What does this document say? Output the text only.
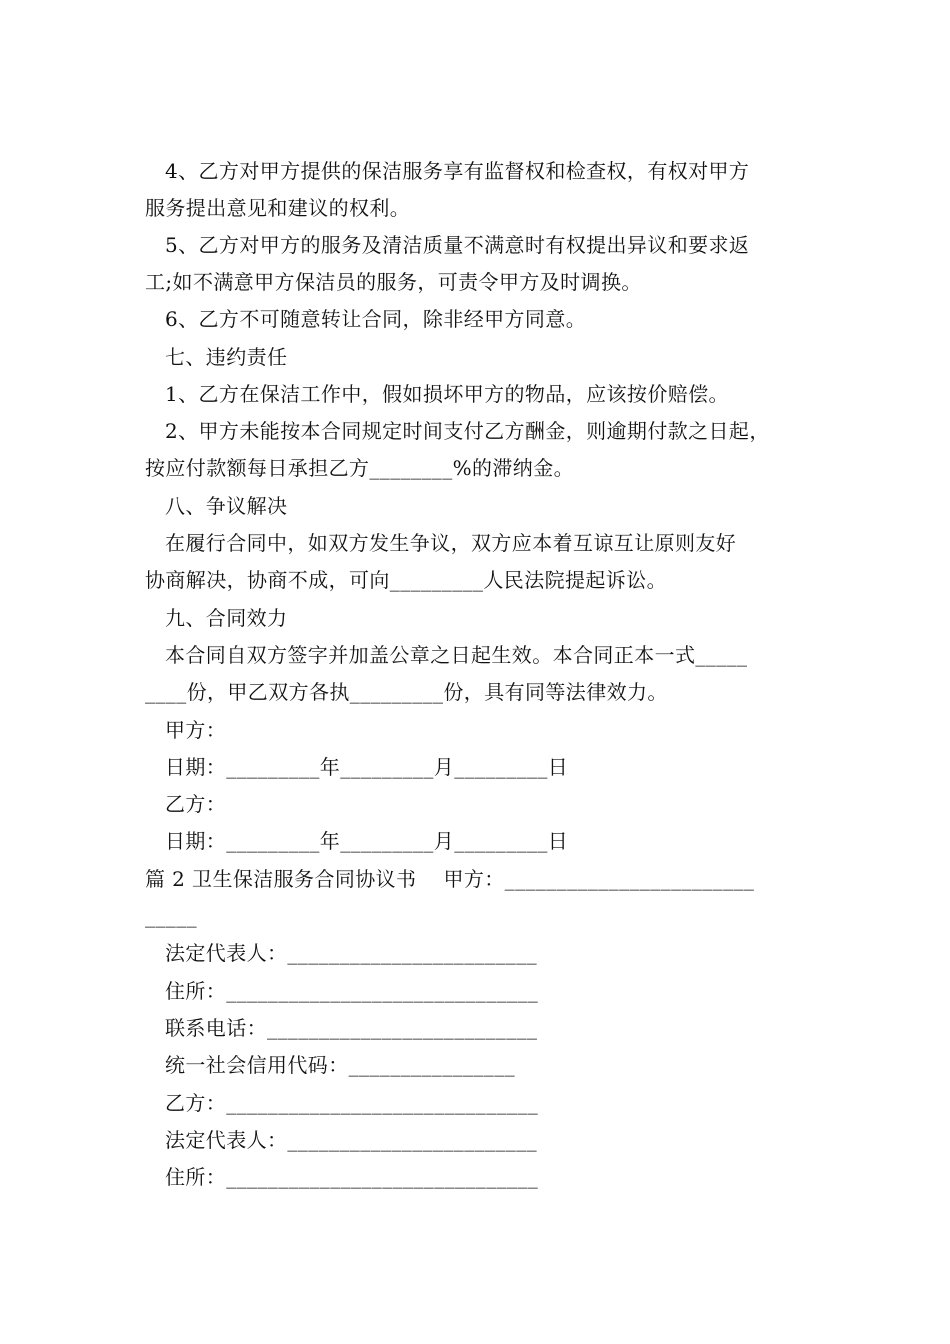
4、乙方对甲方提供的保洁服务享有监督权和检查权，有权对甲方
服务提出意见和建议的权利。
5、乙方对甲方的服务及清洁质量不满意时有权提出异议和要求返
工;如不满意甲方保洁员的服务，可责令甲方及时调换。
6、乙方不可随意转让合同，除非经甲方同意。
七、违约责任
1、乙方在保洁工作中，假如损坏甲方的物品，应该按价赔偿。
2、甲方未能按本合同规定时间支付乙方酬金，则逾期付款之日起，
按应付款额每日承担乙方________%的滞纳金。
八、争议解决
在履行合同中，如双方发生争议，双方应本着互谅互让原则友好
协商解决，协商不成，可向_________人民法院提起诉讼。
九、合同效力
本合同自双方签字并加盖公章之日起生效。本合同正本一式_____
____份，甲乙双方各执_________份，具有同等法律效力。
甲方：
日期：_________年_________月_________日
乙方：
日期：_________年_________月_________日
篇 2 卫生保洁服务合同协议书    甲方：________________________
_____
法定代表人：________________________
住所：______________________________
联系电话：__________________________
统一社会信用代码：________________
乙方：______________________________
法定代表人：________________________
住所：______________________________
